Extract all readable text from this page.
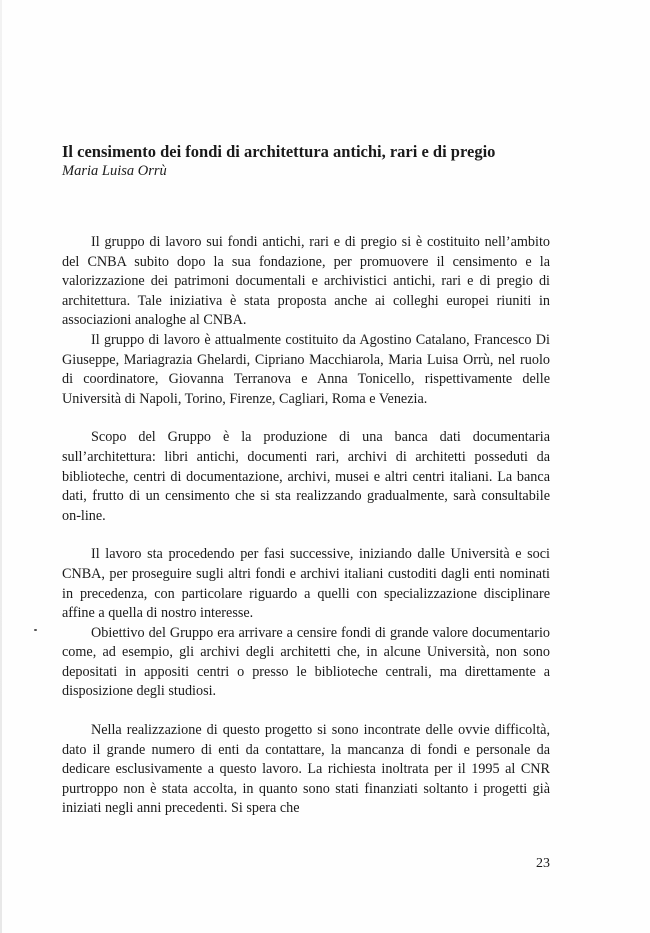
Il censimento dei fondi di architettura antichi, rari e di pregio

Maria Luisa Orrù

Il gruppo di lavoro sui fondi antichi, rari e di pregio si è costituito nell’ambito del CNBA subito dopo la sua fondazione, per promuovere il censimento e la valorizzazione dei patrimoni documentali e archivistici antichi, rari e di pregio di architettura. Tale iniziativa è stata proposta anche ai colleghi europei riuniti in associazioni analoghe al CNBA.

Il gruppo di lavoro è attualmente costituito da Agostino Catalano, Francesco Di Giuseppe, Mariagrazia Ghelardi, Cipriano Macchiarola, Maria Luisa Orrù, nel ruolo di coordinatore, Giovanna Terranova e Anna Tonicello, rispettivamente delle Università di Napoli, Torino, Firenze, Cagliari, Roma e Venezia.

Scopo del Gruppo è la produzione di una banca dati documentaria sull’architettura: libri antichi, documenti rari, archivi di architetti posseduti da biblioteche, centri di documentazione, archivi, musei e altri centri italiani. La banca dati, frutto di un censimento che si sta realizzando gradualmente, sarà consultabile on-line.

Il lavoro sta procedendo per fasi successive, iniziando dalle Università e soci CNBA, per proseguire sugli altri fondi e archivi italiani custoditi dagli enti nominati in precedenza, con particolare riguardo a quelli con specializzazione disciplinare affine a quella di nostro interesse.

Obiettivo del Gruppo era arrivare a censire fondi di grande valore documentario come, ad esempio, gli archivi degli architetti che, in alcune Università, non sono depositati in appositi centri o presso le biblioteche centrali, ma direttamente a disposizione degli studiosi.

Nella realizzazione di questo progetto si sono incontrate delle ovvie difficoltà, dato il grande numero di enti da contattare, la mancanza di fondi e personale da dedicare esclusivamente a questo lavoro. La richiesta inoltrata per il 1995 al CNR purtroppo non è stata accolta, in quanto sono stati finanziati soltanto i progetti già iniziati negli anni precedenti. Si spera che

23
